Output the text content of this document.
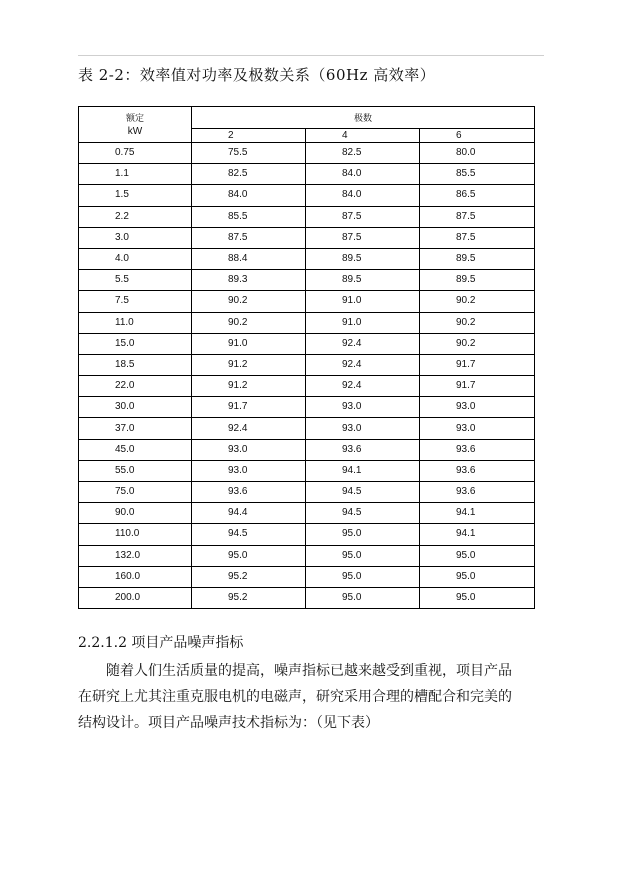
表 2-2：效率值对功率及极数关系（60Hz 高效率）
额定
kW	极数		
	2	4	6
0.75	75.5	82.5	80.0
1.1	82.5	84.0	85.5
1.5	84.0	84.0	86.5
2.2	85.5	87.5	87.5
3.0	87.5	87.5	87.5
4.0	88.4	89.5	89.5
5.5	89.3	89.5	89.5
7.5	90.2	91.0	90.2
11.0	90.2	91.0	90.2
15.0	91.0	92.4	90.2
18.5	91.2	92.4	91.7
22.0	91.2	92.4	91.7
30.0	91.7	93.0	93.0
37.0	92.4	93.0	93.0
45.0	93.0	93.6	93.6
55.0	93.0	94.1	93.6
75.0	93.6	94.5	93.6
90.0	94.4	94.5	94.1
110.0	94.5	95.0	94.1
132.0	95.0	95.0	95.0
160.0	95.2	95.0	95.0
200.0	95.2	95.0	95.0
2.2.1.2 项目产品噪声指标
随着人们生活质量的提高，噪声指标已越来越受到重视，项目产品
在研究上尤其注重克服电机的电磁声，研究采用合理的槽配合和完美的
结构设计。项目产品噪声技术指标为：（见下表）
